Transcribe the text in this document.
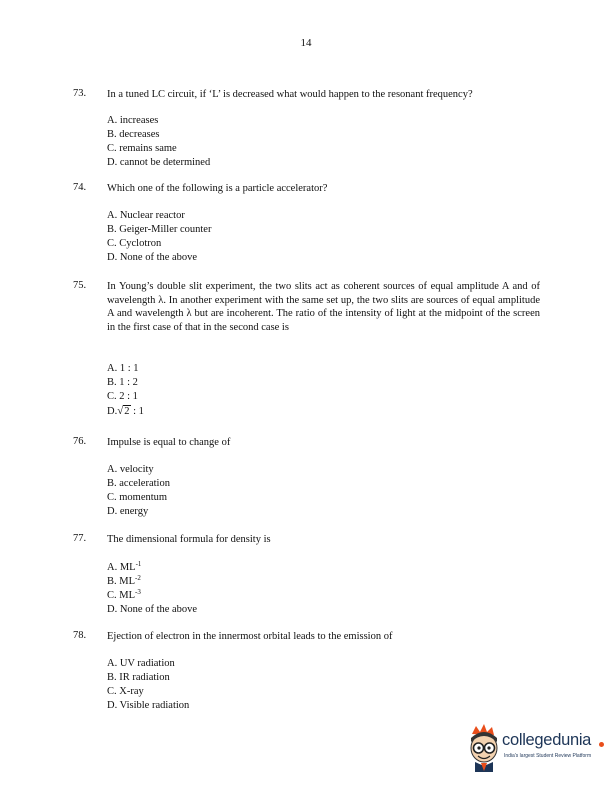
14
73. In a tuned LC circuit, if ‘L’ is decreased what would happen to the resonant frequency?
A. increases
B. decreases
C. remains same
D. cannot be determined
74. Which one of the following is a particle accelerator?
A. Nuclear reactor
B. Geiger-Miller counter
C. Cyclotron
D. None of the above
75. In Young’s double slit experiment, the two slits act as coherent sources of equal amplitude A and of wavelength λ. In another experiment with the same set up, the two slits are sources of equal amplitude A and wavelength λ but are incoherent. The ratio of the intensity of light at the midpoint of the screen in the first case of that in the second case is
A. 1 : 1
B. 1 : 2
C. 2 : 1
D.√2 : 1
76. Impulse is equal to change of
A. velocity
B. acceleration
C. momentum
D. energy
77. The dimensional formula for density is
A. $ML^{-1}$
B. $ML^{-2}$
C. $ML^{-3}$
D. None of the above
78. Ejection of electron in the innermost orbital leads to the emission of
A. UV radiation
B. IR radiation
C. X-ray
D. Visible radiation
collegedunia
India's largest Student Review Platform
